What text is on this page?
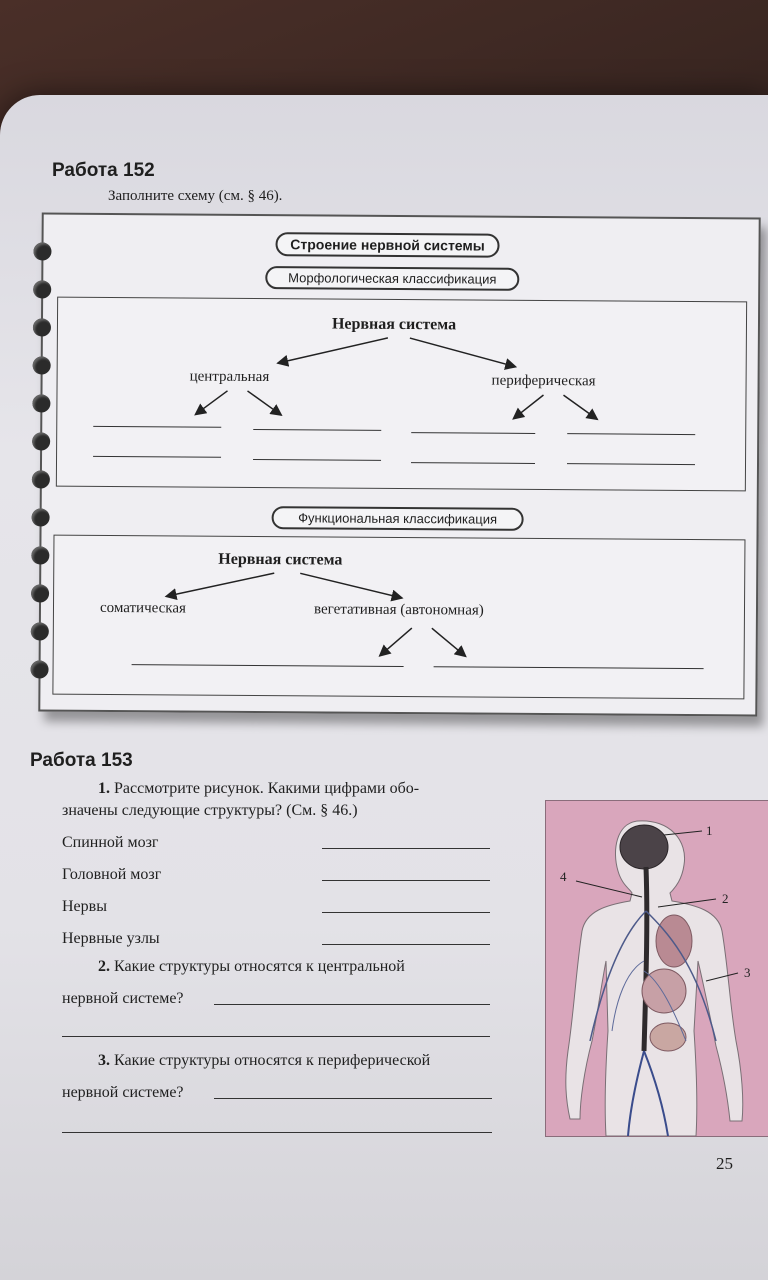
Работа 152
Заполните схему (см. § 46).
Строение нервной системы
Морфологическая классификация
Нервная система
центральная	периферическая
Функциональная классификация
Нервная система
соматическая	вегетативная (автономная)
Работа 153
1. Рассмотрите рисунок. Какими цифрами обо-
значены следующие структуры? (См. § 46.)
Спинной мозг
Головной мозг
Нервы
Нервные узлы
2. Какие структуры относятся к центральной
нервной системе?
3. Какие структуры относятся к периферической
нервной системе?
1
2
3
4
25
